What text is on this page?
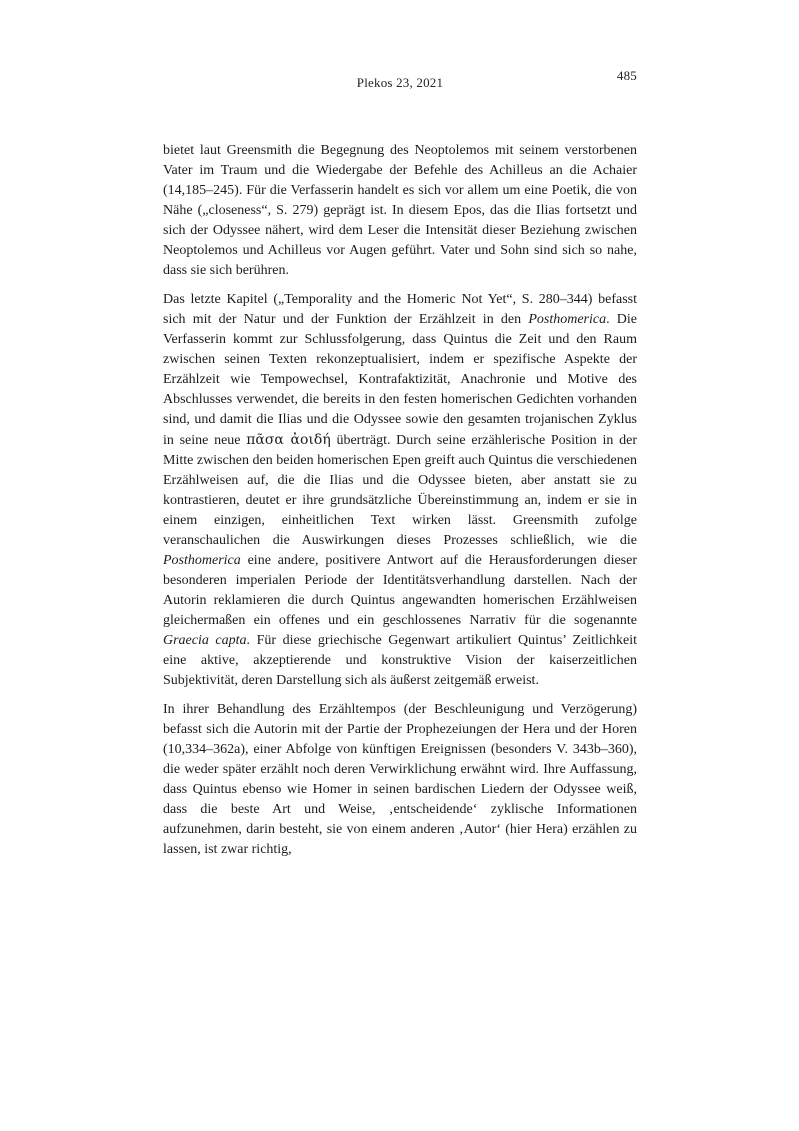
Plekos 23, 2021	485

bietet laut Greensmith die Begegnung des Neoptolemos mit seinem verstorbenen Vater im Traum und die Wiedergabe der Befehle des Achilleus an die Achaier (14,185–245). Für die Verfasserin handelt es sich vor allem um eine Poetik, die von Nähe („closeness“, S. 279) geprägt ist. In diesem Epos, das die Ilias fortsetzt und sich der Odyssee nähert, wird dem Leser die Intensität dieser Beziehung zwischen Neoptolemos und Achilleus vor Augen geführt. Vater und Sohn sind sich so nahe, dass sie sich berühren.

Das letzte Kapitel („Temporality and the Homeric Not Yet“, S. 280–344) befasst sich mit der Natur und der Funktion der Erzählzeit in den Posthomerica. Die Verfasserin kommt zur Schlussfolgerung, dass Quintus die Zeit und den Raum zwischen seinen Texten rekonzeptualisiert, indem er spezifische Aspekte der Erzählzeit wie Tempowechsel, Kontrafaktizität, Anachronie und Motive des Abschlusses verwendet, die bereits in den festen homerischen Gedichten vorhanden sind, und damit die Ilias und die Odyssee sowie den gesamten trojanischen Zyklus in seine neue πᾶσα ἀοιδή überträgt. Durch seine erzählerische Position in der Mitte zwischen den beiden homerischen Epen greift auch Quintus die verschiedenen Erzählweisen auf, die die Ilias und die Odyssee bieten, aber anstatt sie zu kontrastieren, deutet er ihre grundsätzliche Übereinstimmung an, indem er sie in einem einzigen, einheitlichen Text wirken lässt. Greensmith zufolge veranschaulichen die Auswirkungen dieses Prozesses schließlich, wie die Posthomerica eine andere, positivere Antwort auf die Herausforderungen dieser besonderen imperialen Periode der Identitätsverhandlung darstellen. Nach der Autorin reklamieren die durch Quintus angewandten homerischen Erzählweisen gleichermaßen ein offenes und ein geschlossenes Narrativ für die sogenannte Graecia capta. Für diese griechische Gegenwart artikuliert Quintus’ Zeitlichkeit eine aktive, akzeptierende und konstruktive Vision der kaiserzeitlichen Subjektivität, deren Darstellung sich als äußerst zeitgemäß erweist.

In ihrer Behandlung des Erzähltempos (der Beschleunigung und Verzögerung) befasst sich die Autorin mit der Partie der Prophezeiungen der Hera und der Horen (10,334–362a), einer Abfolge von künftigen Ereignissen (besonders V. 343b–360), die weder später erzählt noch deren Verwirklichung erwähnt wird. Ihre Auffassung, dass Quintus ebenso wie Homer in seinen bardischen Liedern der Odyssee weiß, dass die beste Art und Weise, ‚entscheidende‘ zyklische Informationen aufzunehmen, darin besteht, sie von einem anderen ‚Autor‘ (hier Hera) erzählen zu lassen, ist zwar richtig,
